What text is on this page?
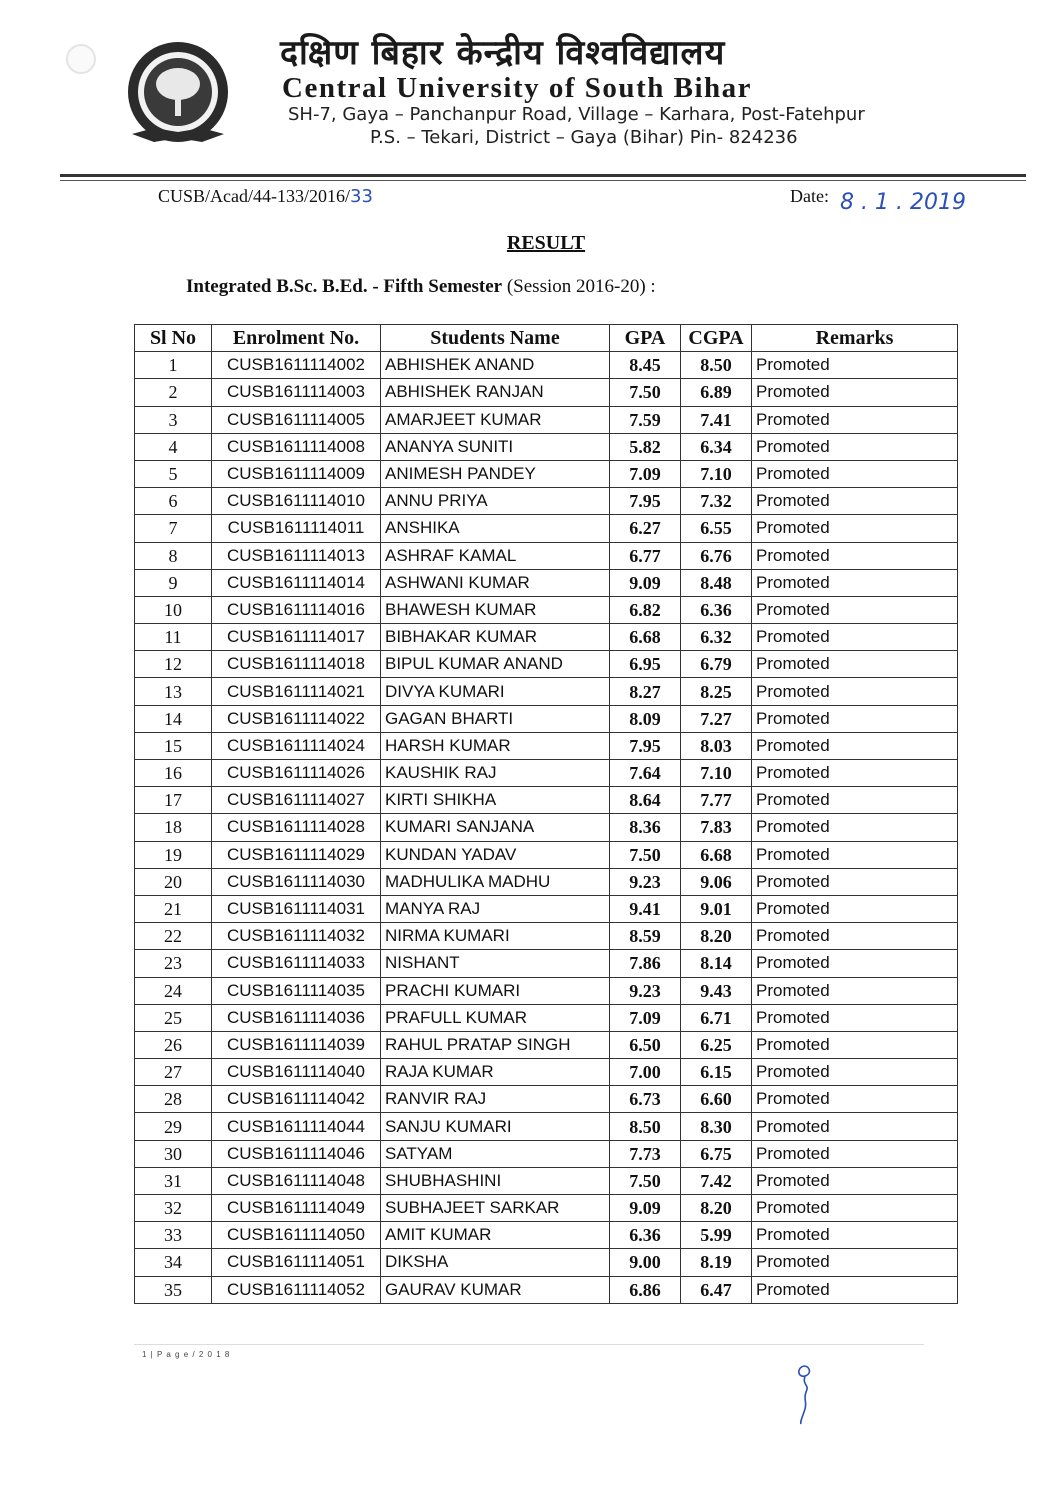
दक्षिण बिहार केन्द्रीय विश्वविद्यालय
Central University of South Bihar
SH-7, Gaya – Panchanpur Road, Village – Karhara, Post-Fatehpur
P.S. – Tekari, District – Gaya (Bihar) Pin- 824236
CUSB/Acad/44-133/2016/33	Date: 8 . 1 . 2019
RESULT
Integrated B.Sc. B.Ed. - Fifth Semester (Session 2016-20) :
Sl No	Enrolment No.	Students Name	GPA	CGPA	Remarks
1	CUSB1611114002	ABHISHEK ANAND	8.45	8.50	Promoted
2	CUSB1611114003	ABHISHEK RANJAN	7.50	6.89	Promoted
3	CUSB1611114005	AMARJEET KUMAR	7.59	7.41	Promoted
4	CUSB1611114008	ANANYA SUNITI	5.82	6.34	Promoted
5	CUSB1611114009	ANIMESH PANDEY	7.09	7.10	Promoted
6	CUSB1611114010	ANNU PRIYA	7.95	7.32	Promoted
7	CUSB1611114011	ANSHIKA	6.27	6.55	Promoted
8	CUSB1611114013	ASHRAF KAMAL	6.77	6.76	Promoted
9	CUSB1611114014	ASHWANI KUMAR	9.09	8.48	Promoted
10	CUSB1611114016	BHAWESH KUMAR	6.82	6.36	Promoted
11	CUSB1611114017	BIBHAKAR KUMAR	6.68	6.32	Promoted
12	CUSB1611114018	BIPUL KUMAR ANAND	6.95	6.79	Promoted
13	CUSB1611114021	DIVYA KUMARI	8.27	8.25	Promoted
14	CUSB1611114022	GAGAN BHARTI	8.09	7.27	Promoted
15	CUSB1611114024	HARSH KUMAR	7.95	8.03	Promoted
16	CUSB1611114026	KAUSHIK RAJ	7.64	7.10	Promoted
17	CUSB1611114027	KIRTI SHIKHA	8.64	7.77	Promoted
18	CUSB1611114028	KUMARI SANJANA	8.36	7.83	Promoted
19	CUSB1611114029	KUNDAN YADAV	7.50	6.68	Promoted
20	CUSB1611114030	MADHULIKA MADHU	9.23	9.06	Promoted
21	CUSB1611114031	MANYA RAJ	9.41	9.01	Promoted
22	CUSB1611114032	NIRMA KUMARI	8.59	8.20	Promoted
23	CUSB1611114033	NISHANT	7.86	8.14	Promoted
24	CUSB1611114035	PRACHI KUMARI	9.23	9.43	Promoted
25	CUSB1611114036	PRAFULL KUMAR	7.09	6.71	Promoted
26	CUSB1611114039	RAHUL PRATAP SINGH	6.50	6.25	Promoted
27	CUSB1611114040	RAJA KUMAR	7.00	6.15	Promoted
28	CUSB1611114042	RANVIR RAJ	6.73	6.60	Promoted
29	CUSB1611114044	SANJU KUMARI	8.50	8.30	Promoted
30	CUSB1611114046	SATYAM	7.73	6.75	Promoted
31	CUSB1611114048	SHUBHASHINI	7.50	7.42	Promoted
32	CUSB1611114049	SUBHAJEET SARKAR	9.09	8.20	Promoted
33	CUSB1611114050	AMIT KUMAR	6.36	5.99	Promoted
34	CUSB1611114051	DIKSHA	9.00	8.19	Promoted
35	CUSB1611114052	GAURAV KUMAR	6.86	6.47	Promoted
1 | P a g e / 2 0 1 8
